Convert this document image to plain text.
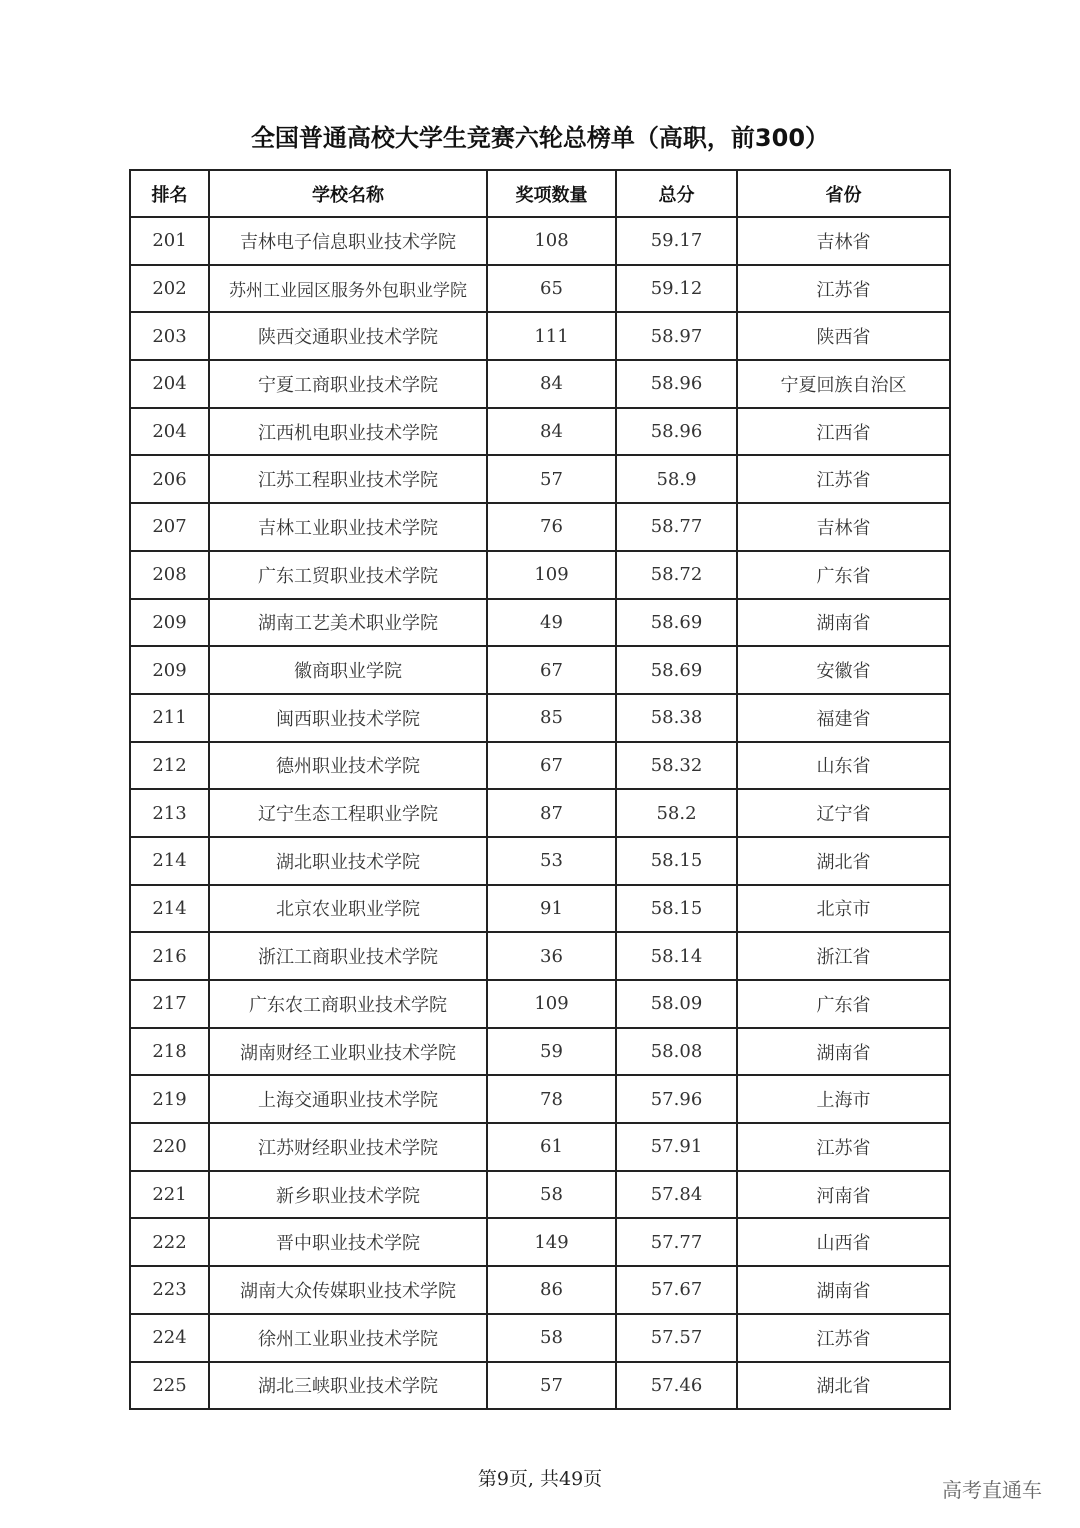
全国普通高校大学生竞赛六轮总榜单（高职，前300）
排名	学校名称	奖项数量	总分	省份
201	吉林电子信息职业技术学院	108	59.17	吉林省
202	苏州工业园区服务外包职业学院	65	59.12	江苏省
203	陕西交通职业技术学院	111	58.97	陕西省
204	宁夏工商职业技术学院	84	58.96	宁夏回族自治区
204	江西机电职业技术学院	84	58.96	江西省
206	江苏工程职业技术学院	57	58.9	江苏省
207	吉林工业职业技术学院	76	58.77	吉林省
208	广东工贸职业技术学院	109	58.72	广东省
209	湖南工艺美术职业学院	49	58.69	湖南省
209	徽商职业学院	67	58.69	安徽省
211	闽西职业技术学院	85	58.38	福建省
212	德州职业技术学院	67	58.32	山东省
213	辽宁生态工程职业学院	87	58.2	辽宁省
214	湖北职业技术学院	53	58.15	湖北省
214	北京农业职业学院	91	58.15	北京市
216	浙江工商职业技术学院	36	58.14	浙江省
217	广东农工商职业技术学院	109	58.09	广东省
218	湖南财经工业职业技术学院	59	58.08	湖南省
219	上海交通职业技术学院	78	57.96	上海市
220	江苏财经职业技术学院	61	57.91	江苏省
221	新乡职业技术学院	58	57.84	河南省
222	晋中职业技术学院	149	57.77	山西省
223	湖南大众传媒职业技术学院	86	57.67	湖南省
224	徐州工业职业技术学院	58	57.57	江苏省
225	湖北三峡职业技术学院	57	57.46	湖北省
第9页, 共49页	高考直通车
